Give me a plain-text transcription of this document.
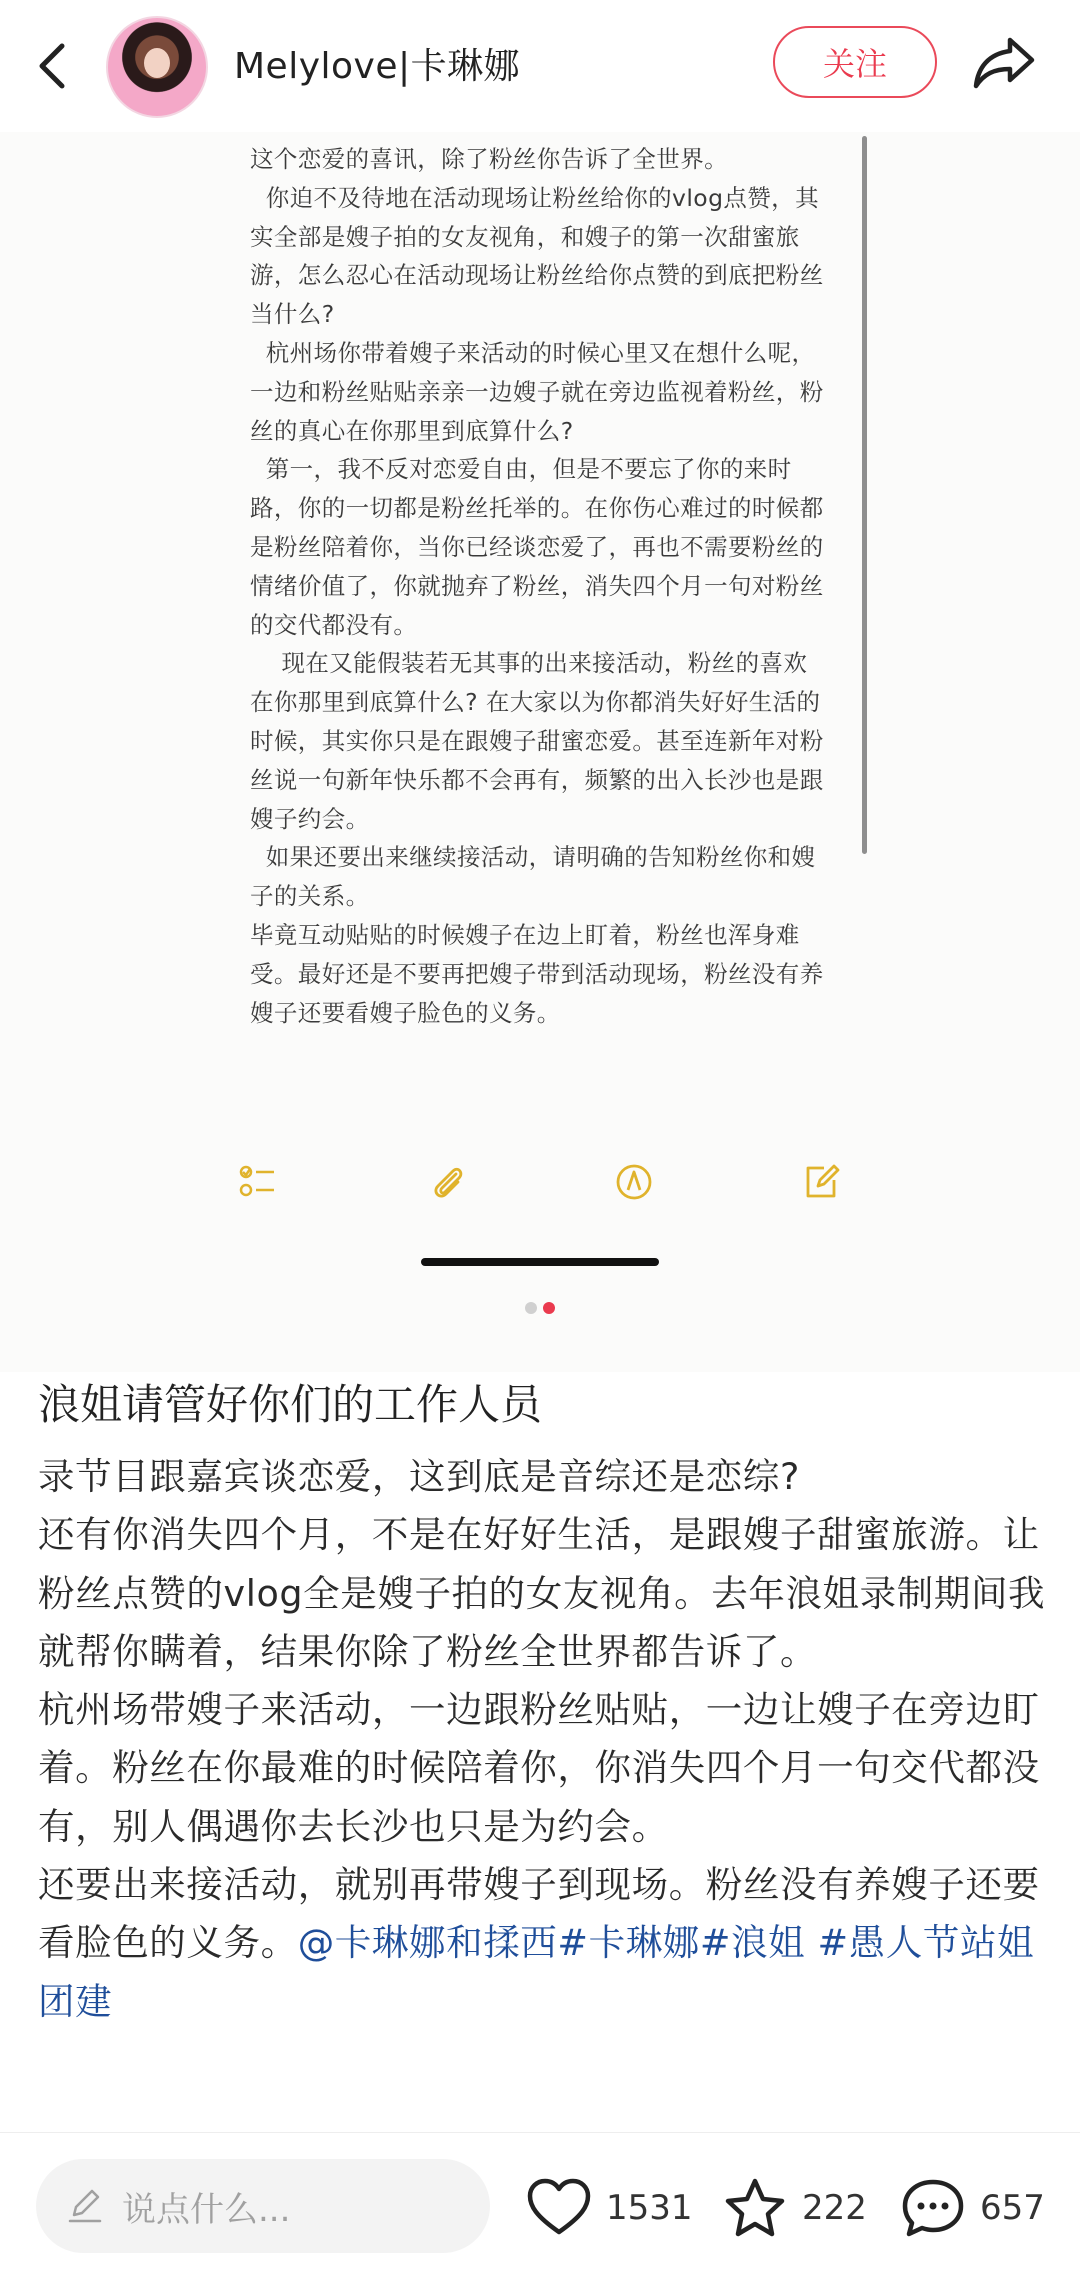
Melylove|卡琳娜	关注

这个恋爱的喜讯，除了粉丝你告诉了全世界。

你迫不及待地在活动现场让粉丝给你的vlog点赞，其实全部是嫂子拍的女友视角，和嫂子的第一次甜蜜旅游，怎么忍心在活动现场让粉丝给你点赞的到底把粉丝当什么?

杭州场你带着嫂子来活动的时候心里又在想什么呢，一边和粉丝贴贴亲亲一边嫂子就在旁边监视着粉丝，粉丝的真心在你那里到底算什么?

第一，我不反对恋爱自由，但是不要忘了你的来时路，你的一切都是粉丝托举的。在你伤心难过的时候都是粉丝陪着你，当你已经谈恋爱了，再也不需要粉丝的情绪价值了，你就抛弃了粉丝，消失四个月一句对粉丝的交代都没有。

现在又能假装若无其事的出来接活动，粉丝的喜欢在你那里到底算什么? 在大家以为你都消失好好生活的时候，其实你只是在跟嫂子甜蜜恋爱。甚至连新年对粉丝说一句新年快乐都不会再有，频繁的出入长沙也是跟嫂子约会。

如果还要出来继续接活动，请明确的告知粉丝你和嫂子的关系。

毕竟互动贴贴的时候嫂子在边上盯着，粉丝也浑身难受。最好还是不要再把嫂子带到活动现场，粉丝没有养嫂子还要看嫂子脸色的义务。

浪姐请管好你们的工作人员

录节目跟嘉宾谈恋爱，这到底是音综还是恋综?

还有你消失四个月，不是在好好生活，是跟嫂子甜蜜旅游。让粉丝点赞的vlog全是嫂子拍的女友视角。去年浪姐录制期间我就帮你瞒着，结果你除了粉丝全世界都告诉了。

杭州场带嫂子来活动，一边跟粉丝贴贴，一边让嫂子在旁边盯着。粉丝在你最难的时候陪着你，你消失四个月一句交代都没有，别人偶遇你去长沙也只是为约会。

还要出来接活动，就别再带嫂子到现场。粉丝没有养嫂子还要看脸色的义务。@卡琳娜和揉西#卡琳娜#浪姐 #愚人节站姐团建

说点什么...	1531	222	657
